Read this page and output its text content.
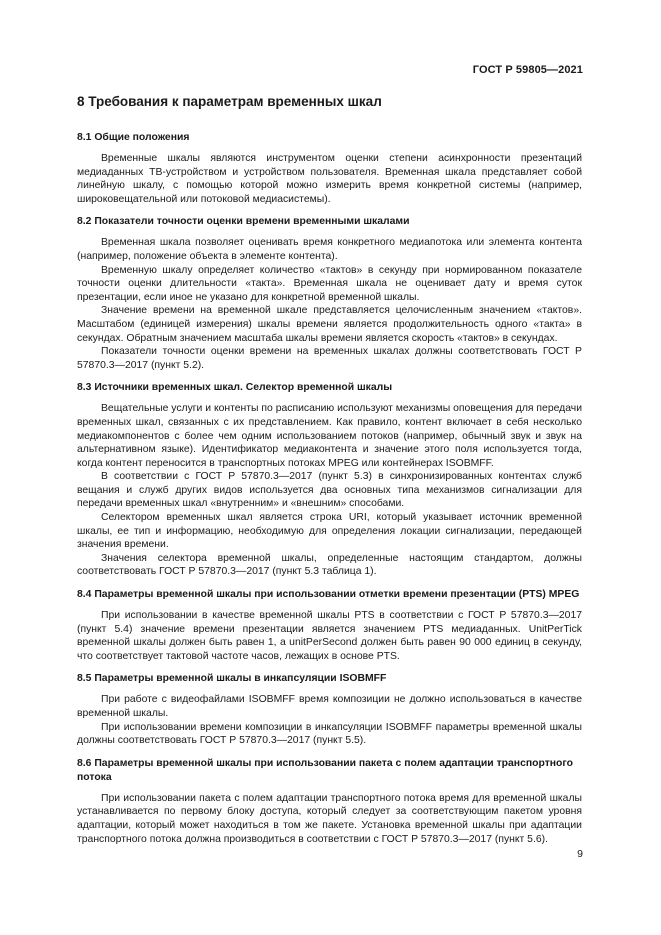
ГОСТ Р 59805—2021
8 Требования к параметрам временных шкал
8.1 Общие положения

Временные шкалы являются инструментом оценки степени асинхронности презентаций медиаданных ТВ-устройством и устройством пользователя. Временная шкала представляет собой линейную шкалу, с помощью которой можно измерить время конкретной системы (например, широковещательной или потоковой медиасистемы).

8.2 Показатели точности оценки времени временными шкалами

Временная шкала позволяет оценивать время конкретного медиапотока или элемента контента (например, положение объекта в элементе контента).

Временную шкалу определяет количество «тактов» в секунду при нормированном показателе точности оценки длительности «такта». Временная шкала не оценивает дату и время суток презентации, если иное не указано для конкретной временной шкалы.

Значение времени на временной шкале представляется целочисленным значением «тактов». Масштабом (единицей измерения) шкалы времени является продолжительность одного «такта» в секундах. Обратным значением масштаба шкалы времени является скорость «тактов» в секундах.

Показатели точности оценки времени на временных шкалах должны соответствовать ГОСТ Р 57870.3—2017 (пункт 5.2).

8.3 Источники временных шкал. Селектор временной шкалы

Вещательные услуги и контенты по расписанию используют механизмы оповещения для передачи временных шкал, связанных с их представлением. Как правило, контент включает в себя несколько медиакомпонентов с более чем одним использованием потоков (например, обычный звук и звук на альтернативном языке). Идентификатор медиаконтента и значение этого поля используется тогда, когда контент переносится в транспортных потоках MPEG или контейнерах ISOBMFF.

В соответствии с ГОСТ Р 57870.3—2017 (пункт 5.3) в синхронизированных контентах служб вещания и служб других видов используется два основных типа механизмов сигнализации для передачи временных шкал «внутренним» и «внешним» способами.

Селектором временных шкал является строка URI, который указывает источник временной шкалы, ее тип и информацию, необходимую для определения локации сигнализации, передающей значения времени.

Значения селектора временной шкалы, определенные настоящим стандартом, должны соответствовать ГОСТ Р 57870.3—2017 (пункт 5.3 таблица 1).

8.4 Параметры временной шкалы при использовании отметки времени презентации (PTS) MPEG

При использовании в качестве временной шкалы PTS в соответствии с ГОСТ Р 57870.3—2017 (пункт 5.4) значение времени презентации является значением PTS медиаданных. UnitPerTick временной шкалы должен быть равен 1, а unitPerSecond должен быть равен 90 000 единиц в секунду, что соответствует тактовой частоте часов, лежащих в основе PTS.

8.5 Параметры временной шкалы в инкапсуляции ISOBMFF

При работе с видеофайлами ISOBMFF время композиции не должно использоваться в качестве временной шкалы.

При использовании времени композиции в инкапсуляции ISOBMFF параметры временной шкалы должны соответствовать ГОСТ Р 57870.3—2017 (пункт 5.5).

8.6 Параметры временной шкалы при использовании пакета с полем адаптации транспортного потока

При использовании пакета с полем адаптации транспортного потока время для временной шкалы устанавливается по первому блоку доступа, который следует за соответствующим пакетом уровня адаптации, который может находиться в том же пакете. Установка временной шкалы при адаптации транспортного потока должна производиться в соответствии с ГОСТ Р 57870.3—2017 (пункт 5.6).

9
